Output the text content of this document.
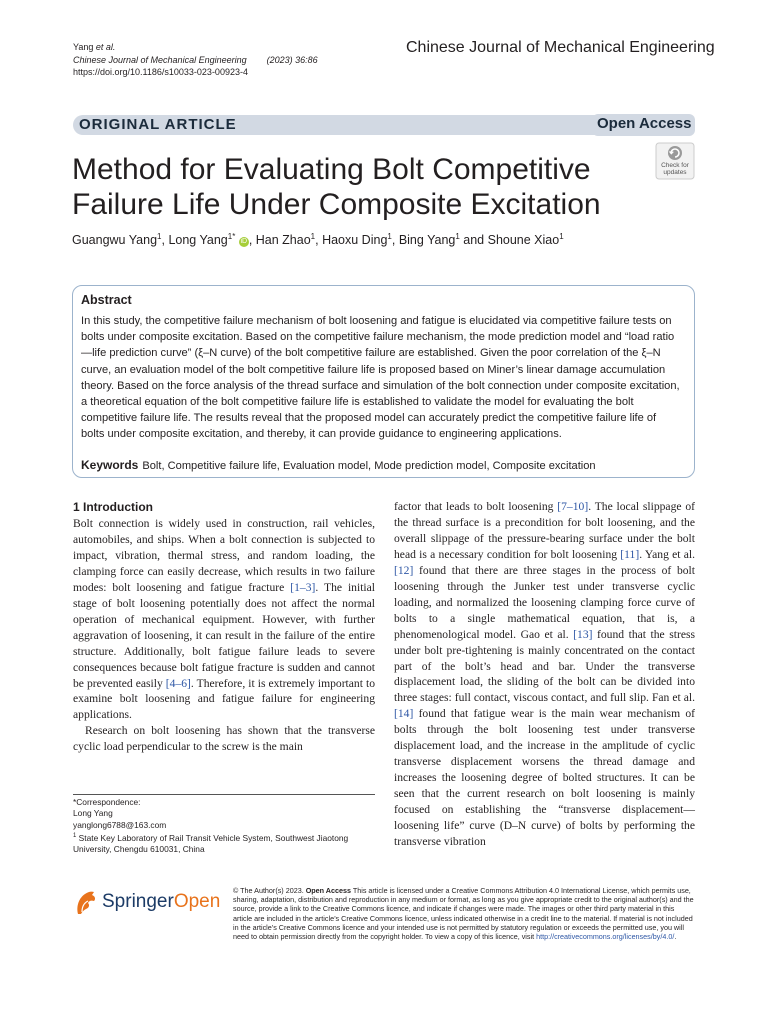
Yang et al.
Chinese Journal of Mechanical Engineering (2023) 36:86
https://doi.org/10.1186/s10033-023-00923-4
Chinese Journal of Mechanical Engineering
ORIGINAL ARTICLE	Open Access
Method for Evaluating Bolt Competitive Failure Life Under Composite Excitation
Check for
updates
Guangwu Yang$^1$, Long Yang$^{1*}$ iD , Han Zhao$^1$, Haoxu Ding$^1$, Bing Yang$^1$ and Shoune Xiao$^1$
Abstract
In this study, the competitive failure mechanism of bolt loosening and fatigue is elucidated via competitive failure tests on bolts under composite excitation. Based on the competitive failure mechanism, the mode prediction model and “load ratio—life prediction curve” (ξ–N curve) of the bolt competitive failure are established. Given the poor correlation of the ξ–N curve, an evaluation model of the bolt competitive failure life is proposed based on Miner’s linear damage accumulation theory. Based on the force analysis of the thread surface and simulation of the bolt connection under composite excitation, a theoretical equation of the bolt competitive failure life is established to validate the model for evaluating the bolt competitive failure life. The results reveal that the proposed model can accurately predict the competitive failure life of bolts under composite excitation, and thereby, it can provide guidance to engineering applications.
Keywords Bolt, Competitive failure life, Evaluation model, Mode prediction model, Composite excitation
1 Introduction
Bolt connection is widely used in construction, rail vehicles, automobiles, and ships. When a bolt connection is subjected to impact, vibration, thermal stress, and random loading, the clamping force can easily decrease, which results in two failure modes: bolt loosening and fatigue fracture [1–3]. The initial stage of bolt loosening potentially does not affect the normal operation of mechanical equipment. However, with further aggravation of loosening, it can result in the failure of the entire structure. Additionally, bolt fatigue failure leads to severe consequences because bolt fatigue fracture is sudden and cannot be prevented easily [4–6]. Therefore, it is extremely important to examine bolt loosening and fatigue failure for engineering applications.
Research on bolt loosening has shown that the transverse cyclic load perpendicular to the screw is the main
factor that leads to bolt loosening [7–10]. The local slippage of the thread surface is a precondition for bolt loosening, and the overall slippage of the pressure-bearing surface under the bolt head is a necessary condition for bolt loosening [11]. Yang et al. [12] found that there are three stages in the process of bolt loosening through the Junker test under transverse cyclic loading, and normalized the loosening clamping force curve of bolts to a single mathematical equation, that is, a phenomenological model. Gao et al. [13] found that the stress under bolt pre-tightening is mainly concentrated on the contact part of the bolt’s head and bar. Under the transverse displacement load, the sliding of the bolt can be divided into three stages: full contact, viscous contact, and full slip. Fan et al. [14] found that fatigue wear is the main wear mechanism of bolts through the bolt loosening test under transverse displacement load, and the increase in the amplitude of cyclic transverse displacement worsens the thread damage and increases the loosening degree of bolted structures. It can be seen that the current research on bolt loosening is mainly focused on establishing the “transverse displacement—loosening life” curve (D–N curve) of bolts by performing the transverse vibration
*Correspondence:
Long Yang
yanglong6788@163.com
$^1$ State Key Laboratory of Rail Transit Vehicle System, Southwest Jiaotong University, Chengdu 610031, China
SpringerOpen
© The Author(s) 2023. Open Access This article is licensed under a Creative Commons Attribution 4.0 International License, which permits use, sharing, adaptation, distribution and reproduction in any medium or format, as long as you give appropriate credit to the original author(s) and the source, provide a link to the Creative Commons licence, and indicate if changes were made. The images or other third party material in this article are included in the article’s Creative Commons licence, unless indicated otherwise in a credit line to the material. If material is not included in the article’s Creative Commons licence and your intended use is not permitted by statutory regulation or exceeds the permitted use, you will need to obtain permission directly from the copyright holder. To view a copy of this licence, visit http://creativecommons.org/licenses/by/4.0/.
